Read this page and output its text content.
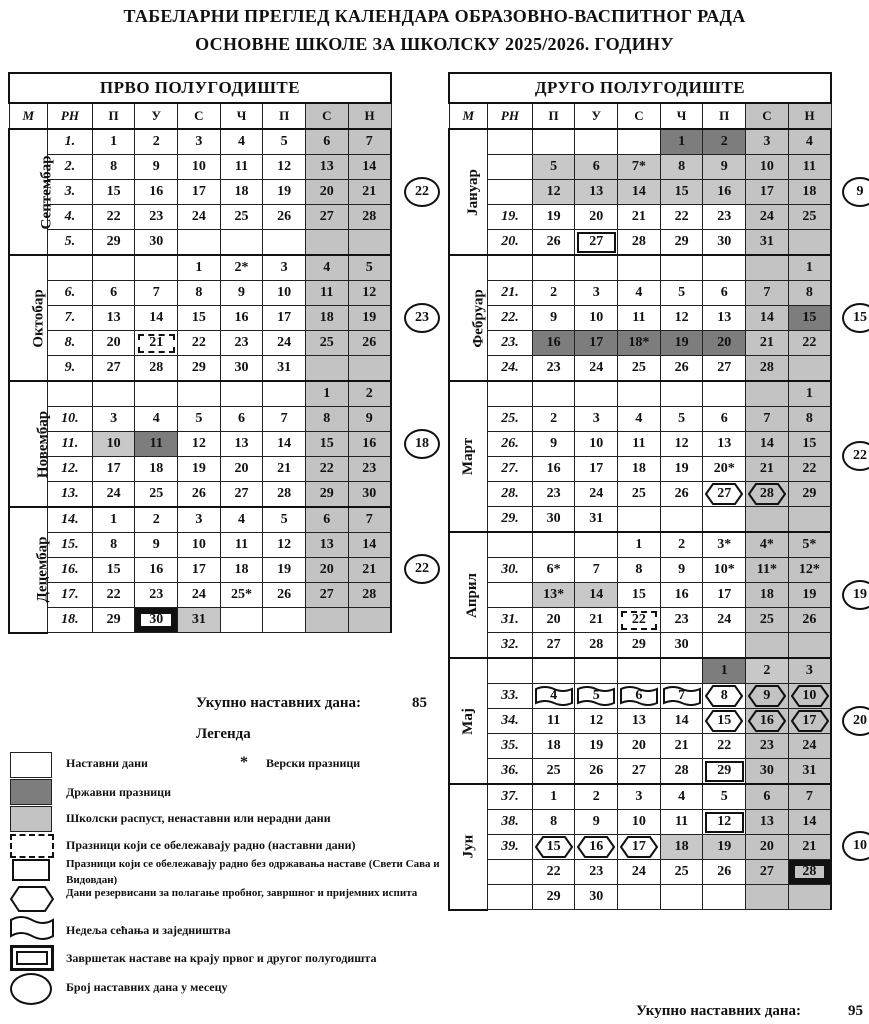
ТАБЕЛАРНИ ПРЕГЛЕД КАЛЕНДАРА ОБРАЗОВНО-ВАСПИТНОГ РАДА
ОСНОВНЕ ШКОЛЕ ЗА ШКОЛСКУ 2025/2026. ГОДИНУ
ПРВО ПОЛУГОДИШТЕ								
М	РН	П	У	С	Ч	П	С	Н
Септембар	1.	1	2	3	4	5	6	7
	2.	8	9	10	11	12	13	14
	3.	15	16	17	18	19	20	21
	4.	22	23	24	25	26	27	28
	5.	29	30					
Октобар				1	2*	3	4	5
	6.	6	7	8	9	10	11	12
	7.	13	14	15	16	17	18	19
	8.	20	21	22	23	24	25	26
	9.	27	28	29	30	31		
Новембар							1	2
	10.	3	4	5	6	7	8	9
	11.	10	11	12	13	14	15	16
	12.	17	18	19	20	21	22	23
	13.	24	25	26	27	28	29	30
Децембар	14.	1	2	3	4	5	6	7
	15.	8	9	10	11	12	13	14
	16.	15	16	17	18	19	20	21
	17.	22	23	24	25*	26	27	28
	18.	29	30	31				
ДРУГО ПОЛУГОДИШТЕ								
М	РН	П	У	С	Ч	П	С	Н
Јануар					1	2	3	4
		5	6	7*	8	9	10	11
		12	13	14	15	16	17	18
	19.	19	20	21	22	23	24	25
	20.	26	27	28	29	30	31	
Фебруар								1
	21.	2	3	4	5	6	7	8
	22.	9	10	11	12	13	14	15
	23.	16	17	18*	19	20	21	22
	24.	23	24	25	26	27	28	
Март								1
	25.	2	3	4	5	6	7	8
	26.	9	10	11	12	13	14	15
	27.	16	17	18	19	20*	21	22
	28.	23	24	25	26	27	28	29
	29.	30	31					
Април				1	2	3*	4*	5*
	30.	6*	7	8	9	10*	11*	12*
		13*	14	15	16	17	18	19
	31.	20	21	22	23	24	25	26
	32.	27	28	29	30			
Мај						1	2	3
	33.	4	5	6	7	8	9	10
	34.	11	12	13	14	15	16	17
	35.	18	19	20	21	22	23	24
	36.	25	26	27	28	29	30	31
Јун	37.	1	2	3	4	5	6	7
	38.	8	9	10	11	12	13	14
	39.	15	16	17	18	19	20	21
		22	23	24	25	26	27	28
		29	30					
22
23
18
22
9
15
22
19
20
10
Укупно наставних дана:	85
Укупно наставних дана:	95
Легенда
Наставни дани	* Верски празници
Државни празници
Школски распуст, ненаставни или нерадни дани
Празници који се обележавају радно (наставни дани)
Празници који се обележавају радно без одржавања наставе (Свети Сава и Видовдан)
Дани резервисани за полагање пробног, завршног и пријемних испита
Недеља сећања и заједништва
Завршетак наставе на крају првог и другог полугодишта
Број наставних дана у месецу
